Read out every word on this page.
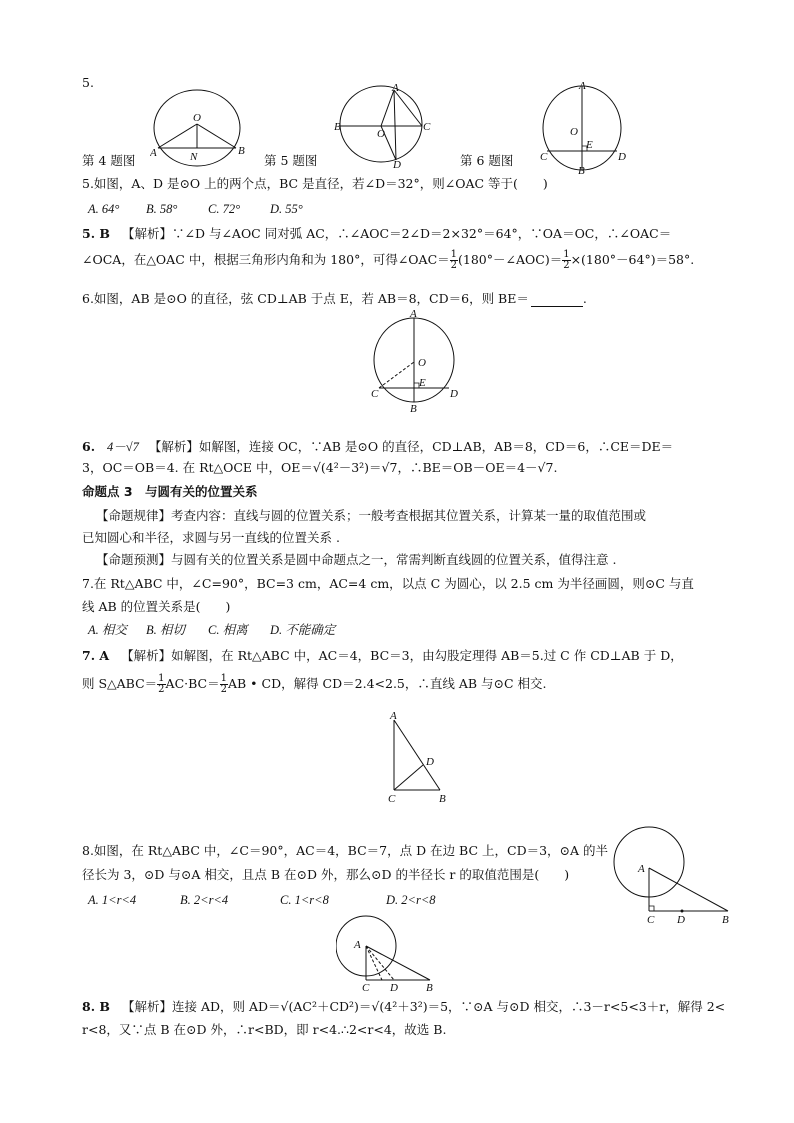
5.
O
N
A	B
A
B
O
C
D
A
O
E
C	D
B
第 4 题图	第 5 题图	第 6 题图
5.如图，A、D 是⊙O 上的两个点，BC 是直径，若∠D＝32°，则∠OAC 等于(　　)
A. 64° B. 58° C. 72° D. 55°
5. B 【解析】∵∠D 与∠AOC 同对弧 AC，∴∠AOC＝2∠D＝2×32°＝64°，∵OA＝OC，∴∠OAC＝
∠OCA，在△OAC 中，根据三角形内角和为 180°，可得∠OAC＝ $\frac{1}{2}$ (180°－∠AOC)＝ $\frac{1}{2} \times(180^\circ-64^\circ)=58^\circ$.
6.如图，AB 是⊙O 的直径，弦 CD⊥AB 于点 E，若 AB＝8，CD＝6，则 BE＝	.
A
O
E
C	D
B
6. 4－√7 【解析】如解图，连接 OC，∵AB 是⊙O 的直径，CD⊥AB，AB＝8，CD＝6，∴CE＝DE＝
3，OC＝OB＝4. 在 Rt△OCE 中，OE＝√(4²－3²)＝√7，∴BE＝OB－OE＝4－√7.
命题点 3　与圆有关的位置关系
【命题规律】考查内容：直线与圆的位置关系；一般考查根据其位置关系，计算某一量的取值范围或
已知圆心和半径，求圆与另一直线的位置关系 .
【命题预测】与圆有关的位置关系是圆中命题点之一，常需判断直线圆的位置关系，值得注意 .
7.在 Rt△ABC 中，∠C=90°，BC=3 cm，AC=4 cm，以点 C 为圆心，以 2.5 cm 为半径画圆，则⊙C 与直
线 AB 的位置关系是(　　)
A. 相交 B. 相切 C. 相离 D. 不能确定
7. A 【解析】如解图，在 Rt△ABC 中，AC＝4，BC＝3，由勾股定理得 AB＝5.过 C 作 CD⊥AB 于 D，
则 S△ABC＝ $\frac{1}{2} AC\cdot BC= \frac{1}{2}$ AB • CD，解得 CD＝2.4<2.5，∴直线 AB 与⊙C 相交.
A
D
C	B
8.如图，在 Rt△ABC 中，∠C＝90°，AC＝4，BC＝7，点 D 在边 BC 上，CD＝3，⊙A 的半
径长为 3，⊙D 与⊙A 相交，且点 B 在⊙D 外，那么⊙D 的半径长 r 的取值范围是(　　)
A. 1<r<4	B. 2<r<4	C. 1<r<8	D. 2<r<8
A
C D	B
A
C D	B
8. B 【解析】连接 AD，则 AD＝√(AC²＋CD²)＝√(4²＋3²)＝5，∵⊙A 与⊙D 相交，∴3－r<5<3＋r，解得 2<
r<8，又∵点 B 在⊙D 外，∴r<BD，即 r<4.∴2<r<4，故选 B.
